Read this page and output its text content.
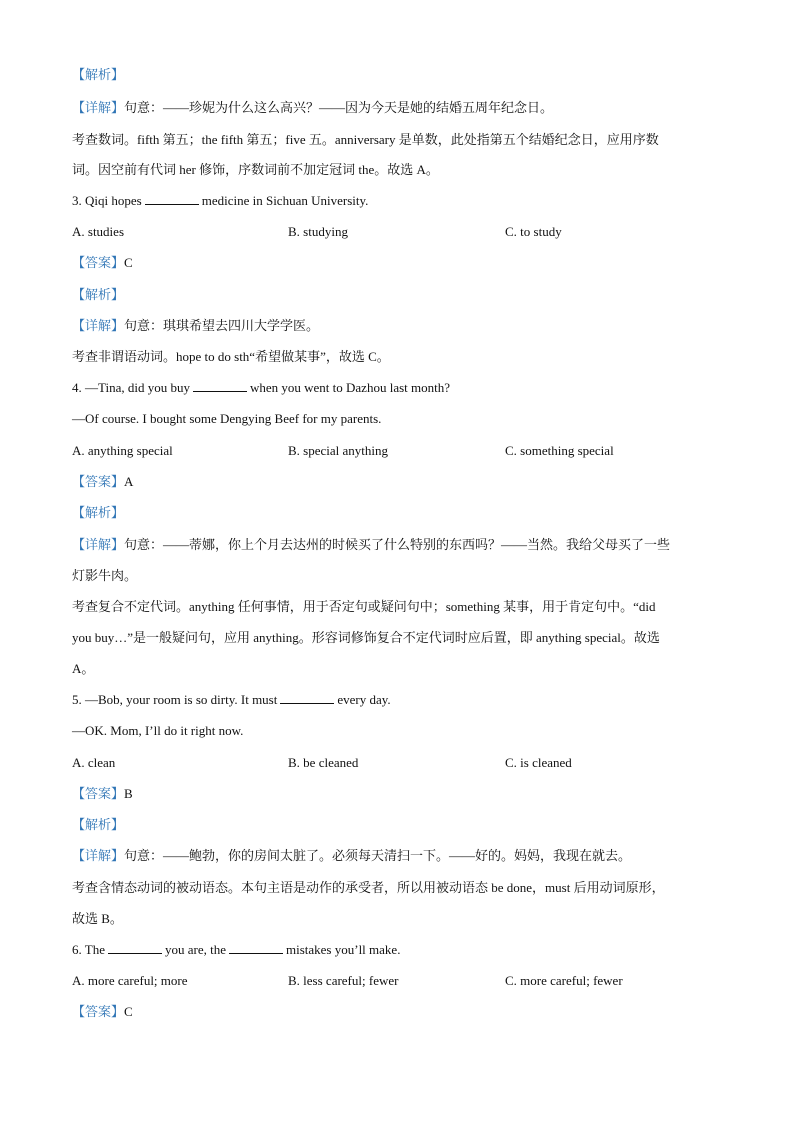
【解析】
【详解】句意：——珍妮为什么这么高兴？——因为今天是她的结婚五周年纪念日。
考查数词。fifth 第五；the fifth 第五；five 五。anniversary 是单数，此处指第五个结婚纪念日，应用序数
词。因空前有代词 her 修饰，序数词前不加定冠词 the。故选 A。
3. Qiqi hopes	medicine in Sichuan University.
A. studies	B. studying	C. to study
【答案】C
【解析】
【详解】句意：琪琪希望去四川大学学医。
考查非谓语动词。hope to do sth“希望做某事”，故选 C。
4. —Tina, did you buy	when you went to Dazhou last month?
—Of course. I bought some Dengying Beef for my parents.
A. anything special	B. special anything	C. something special
【答案】A
【解析】
【详解】句意：——蒂娜，你上个月去达州的时候买了什么特别的东西吗？——当然。我给父母买了一些
灯影牛肉。
考查复合不定代词。anything 任何事情，用于否定句或疑问句中；something 某事，用于肯定句中。“did
you buy…”是一般疑问句，应用 anything。形容词修饰复合不定代词时应后置，即 anything special。故选
A。
5. —Bob, your room is so dirty. It must	every day.
—OK. Mom, I’ll do it right now.
A. clean	B. be cleaned	C. is cleaned
【答案】B
【解析】
【详解】句意：——鲍勃，你的房间太脏了。必须每天清扫一下。——好的。妈妈，我现在就去。
考查含情态动词的被动语态。本句主语是动作的承受者，所以用被动语态 be done，must 后用动词原形，
故选 B。
6. The	you are, the	mistakes you’ll make.
A. more careful; more	B. less careful; fewer	C. more careful; fewer
【答案】C
